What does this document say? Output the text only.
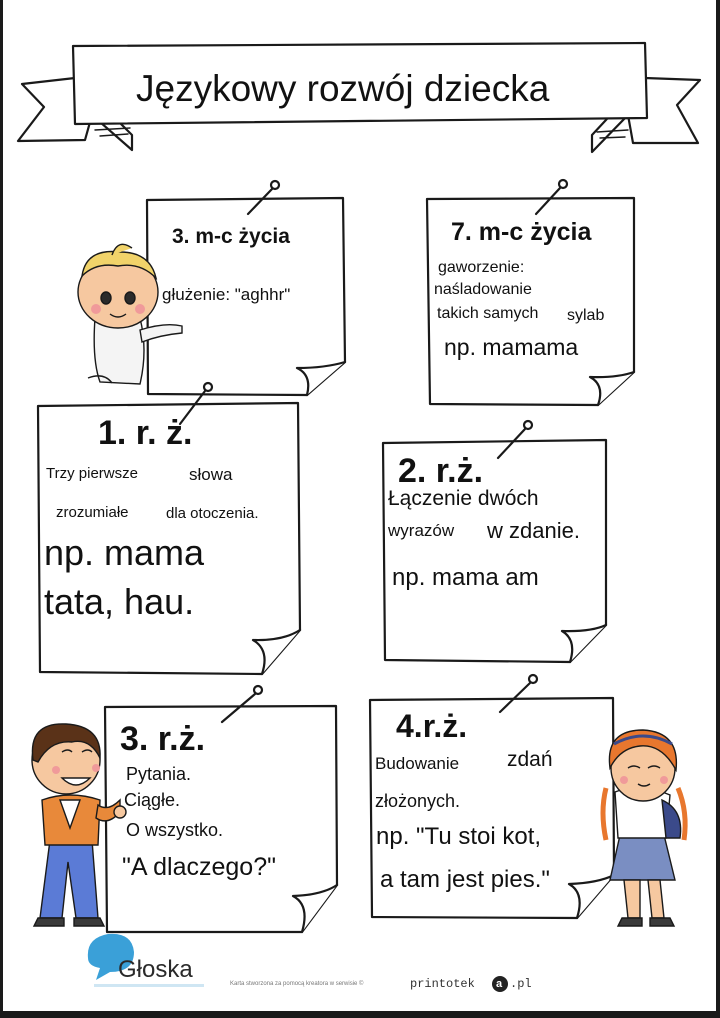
Językowy rozwój dziecka
3. m-c życia
głużenie: "aghhr"
7. m-c życia
gaworzenie:
naśladowanie
takich samych sylab
np. mamama
1. r. ż.
Trzy pierwsze	słowa
zrozumiałe dla otoczenia.
np. mama
tata, hau.
2. r.ż.
Łączenie dwóch
wyrazów w zdanie.
np. mama am
3. r.ż.
Pytania.
Ciągłe.
O wszystko.
"A dlaczego?"
4.r.ż.
Budowanie zdań
złożonych.
np. "Tu stoi kot,
a tam jest pies."
Głoska
Karta stworzona za pomocą kreatora w serwisie ©	printotek a .pl
